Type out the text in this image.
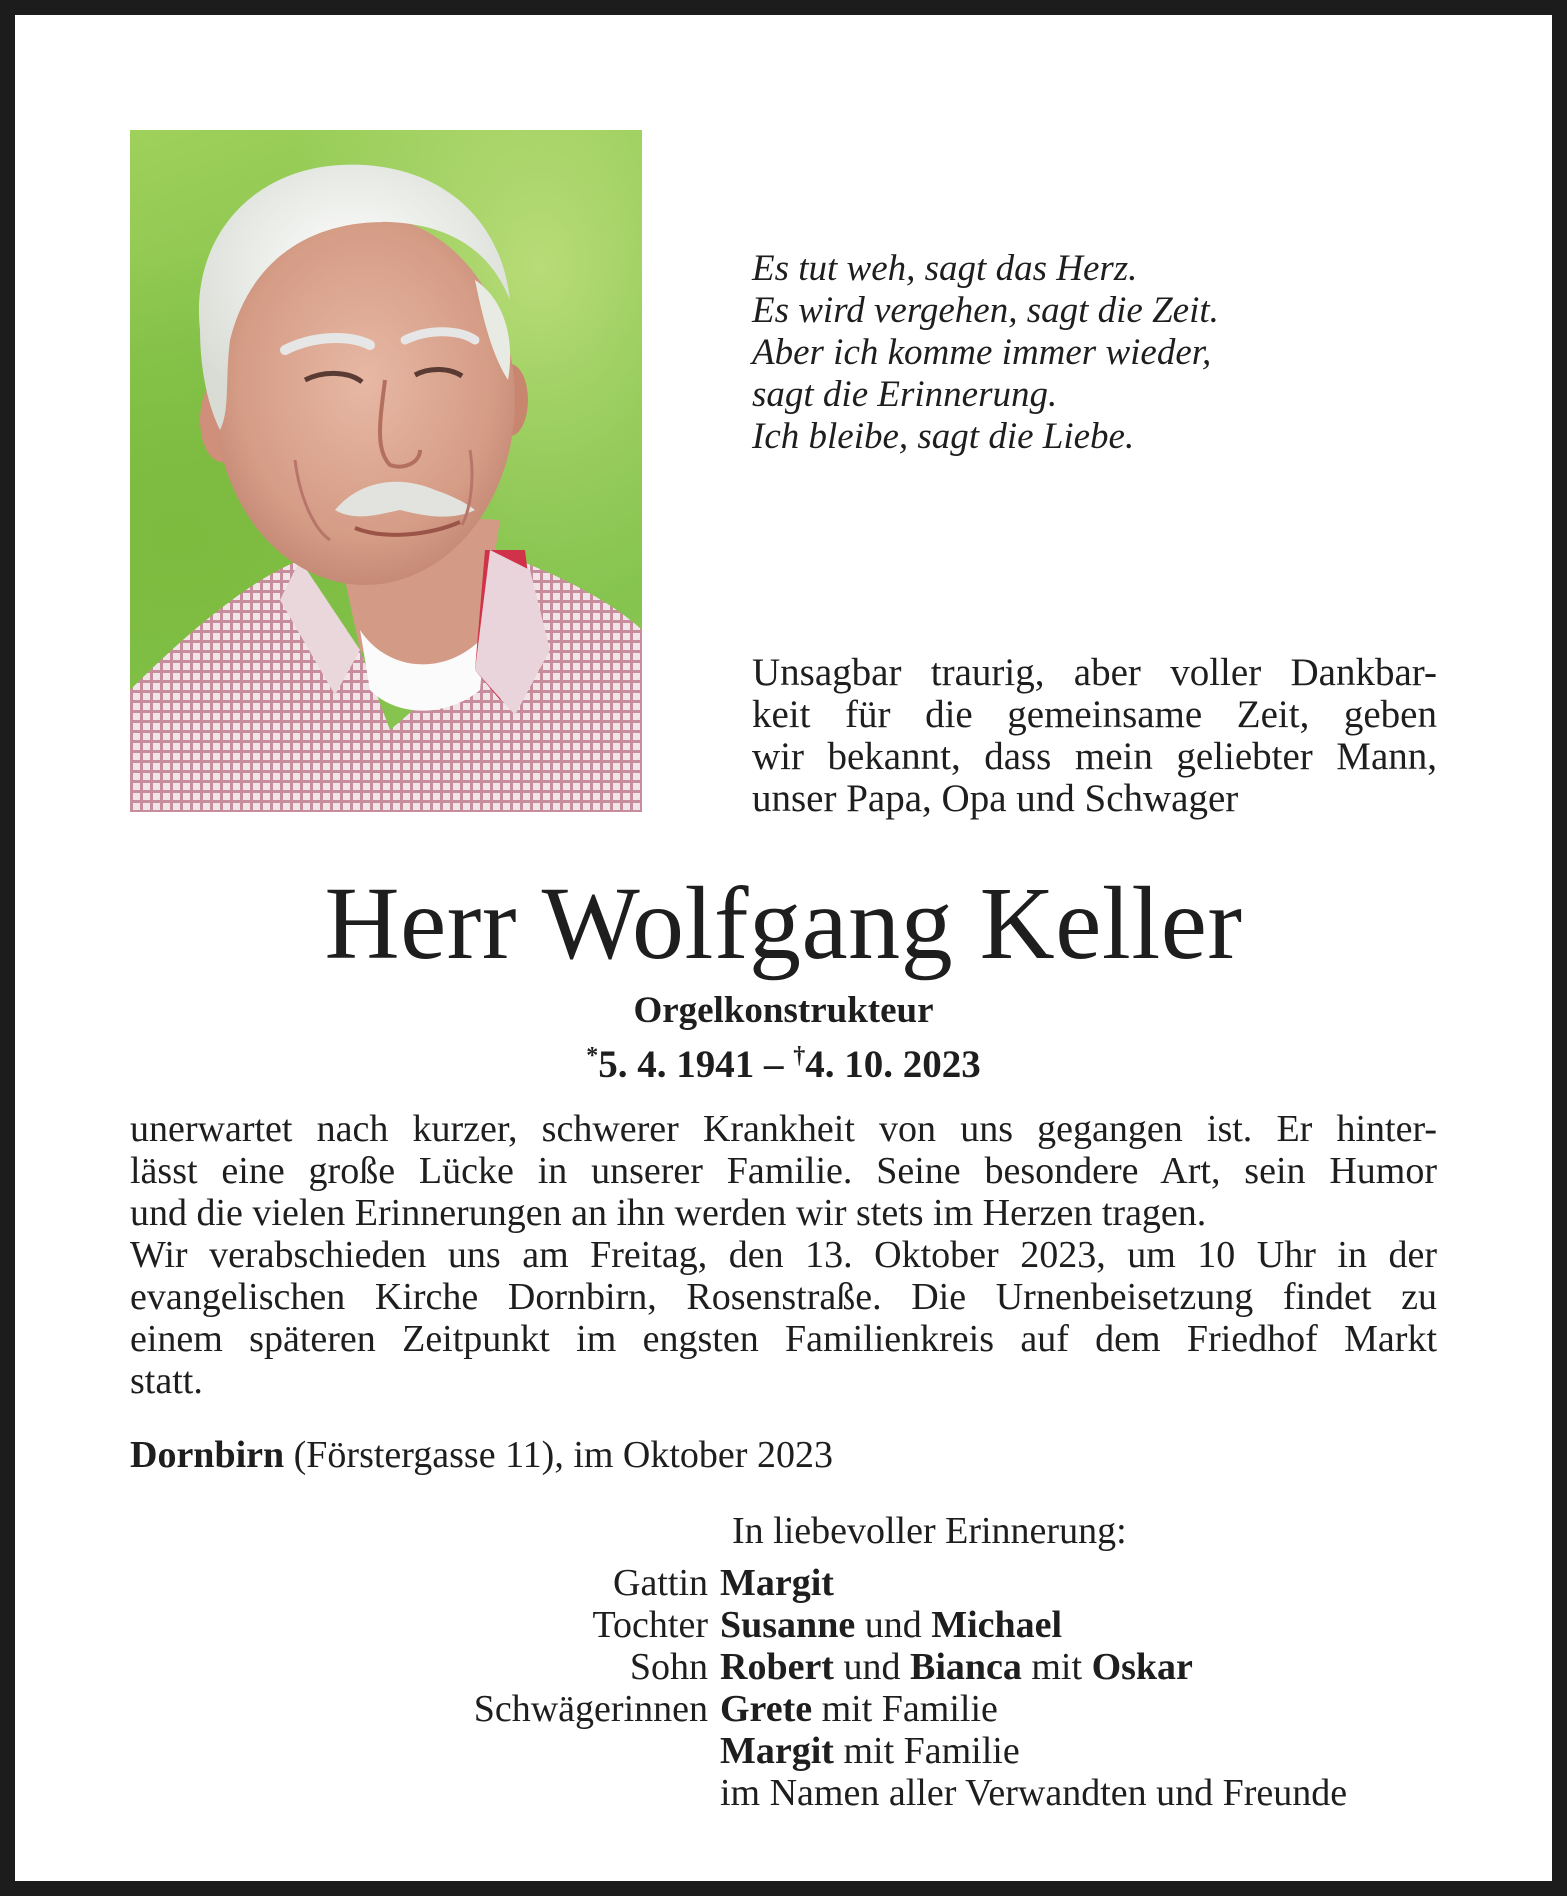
Es tut weh, sagt das Herz.
Es wird vergehen, sagt die Zeit.
Aber ich komme immer wieder,
sagt die Erinnerung.
Ich bleibe, sagt die Liebe.
Unsagbar traurig, aber voller Dankbar-
keit für die gemeinsame Zeit, geben
wir bekannt, dass mein geliebter Mann,
unser Papa, Opa und Schwager
Herr Wolfgang Keller
Orgelkonstrukteur
*5. 4. 1941 – †4. 10. 2023
unerwartet nach kurzer, schwerer Krankheit von uns gegangen ist. Er hinter-
lässt eine große Lücke in unserer Familie. Seine besondere Art, sein Humor
und die vielen Erinnerungen an ihn werden wir stets im Herzen tragen.
Wir verabschieden uns am Freitag, den 13. Oktober 2023, um 10 Uhr in der
evangelischen Kirche Dornbirn, Rosenstraße. Die Urnenbeisetzung findet zu
einem späteren Zeitpunkt im engsten Familienkreis auf dem Friedhof Markt
statt.
Dornbirn (Förstergasse 11), im Oktober 2023
In liebevoller Erinnerung:
Gattin Margit
Tochter Susanne und Michael
Sohn Robert und Bianca mit Oskar
Schwägerinnen Grete mit Familie
Margit mit Familie
im Namen aller Verwandten und Freunde
